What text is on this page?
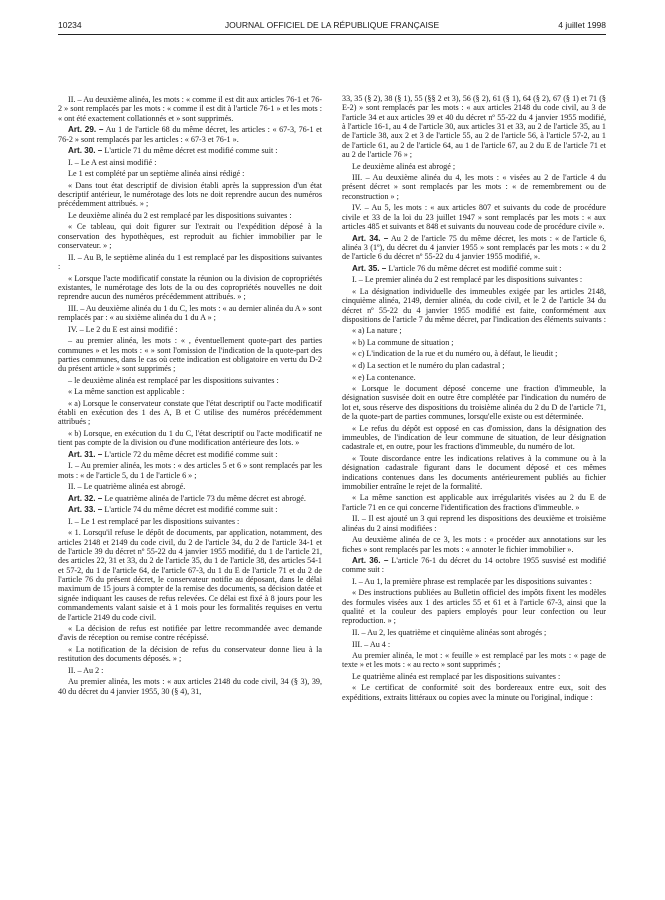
JOURNAL OFFICIEL DE LA RÉPUBLIQUE FRANÇAISE
10234	4 juillet 1998

II. – Au deuxième alinéa, les mots : « comme il est dit aux articles 76-1 et 76-2 » sont remplacés par les mots : « comme il est dit à l'article 76-1 » et les mots : « ont été exactement collationnés et » sont supprimés.

Art. 29. – Au 1 de l'article 68 du même décret, les articles : « 67-3, 76-1 et 76-2 » sont remplacés par les articles : « 67-3 et 76-1 ».

Art. 30. – L'article 71 du même décret est modifié comme suit :

I. – Le A est ainsi modifié :

Le 1 est complété par un septième alinéa ainsi rédigé :

« Dans tout état descriptif de division établi après la suppression d'un état descriptif antérieur, le numérotage des lots ne doit reprendre aucun des numéros précédemment attribués. » ;

Le deuxième alinéa du 2 est remplacé par les dispositions suivantes :

« Ce tableau, qui doit figurer sur l'extrait ou l'expédition déposé à la conservation des hypothèques, est reproduit au fichier immobilier par le conservateur. » ;

II. – Au B, le septième alinéa du 1 est remplacé par les dispositions suivantes :

« Lorsque l'acte modificatif constate la réunion ou la division de copropriétés existantes, le numérotage des lots de la ou des copropriétés nouvelles ne doit reprendre aucun des numéros précédemment attribués. » ;

III. – Au deuxième alinéa du 1 du C, les mots : « au dernier alinéa du A » sont remplacés par : « au sixième alinéa du 1 du A » ;

IV. – Le 2 du E est ainsi modifié :

– au premier alinéa, les mots : « , éventuellement quote-part des parties communes » et les mots : « » sont l'omission de l'indication de la quote-part des parties communes, dans le cas où cette indication est obligatoire en vertu du D-2 du présent article » sont supprimés ;

– le deuxième alinéa est remplacé par les dispositions suivantes :

« La même sanction est applicable :

« a) Lorsque le conservateur constate que l'état descriptif ou l'acte modificatif établi en exécution des 1 des A, B et C utilise des numéros précédemment attribués ;

« b) Lorsque, en exécution du 1 du C, l'état descriptif ou l'acte modificatif ne tient pas compte de la division ou d'une modification antérieure des lots. »

Art. 31. – L'article 72 du même décret est modifié comme suit :

I. – Au premier alinéa, les mots : « des articles 5 et 6 » sont remplacés par les mots : « de l'article 5, du 1 de l'article 6 » ;

II. – Le quatrième alinéa est abrogé.

Art. 32. – Le quatrième alinéa de l'article 73 du même décret est abrogé.

Art. 33. – L'article 74 du même décret est modifié comme suit :

I. – Le 1 est remplacé par les dispositions suivantes :

« 1. Lorsqu'il refuse le dépôt de documents, par application, notamment, des articles 2148 et 2149 du code civil, du 2 de l'article 34, du 2 de l'article 34-1 et de l'article 39 du décret nº 55-22 du 4 janvier 1955 modifié, du 1 de l'article 21, des articles 22, 31 et 33, du 2 de l'article 35, du 1 de l'article 38, des articles 54-1 et 57-2, du 1 de l'article 64, de l'article 67-3, du 1 du E de l'article 71 et du 2 de l'article 76 du présent décret, le conservateur notifie au déposant, dans le délai maximum de 15 jours à compter de la remise des documents, sa décision datée et signée indiquant les causes de refus relevées. Ce délai est fixé à 8 jours pour les commandements valant saisie et à 1 mois pour les formalités requises en vertu de l'article 2149 du code civil.

« La décision de refus est notifiée par lettre recommandée avec demande d'avis de réception ou remise contre récépissé.

« La notification de la décision de refus du conservateur donne lieu à la restitution des documents déposés. » ;

II. – Au 2 :

Au premier alinéa, les mots : « aux articles 2148 du code civil, 34 (§ 3), 39, 40 du décret du 4 janvier 1955, 30 (§ 4), 31,

33, 35 (§ 2), 38 (§ 1), 55 (§§ 2 et 3), 56 (§ 2), 61 (§ 1), 64 (§ 2), 67 (§ 1) et 71 (§ E-2) » sont remplacés par les mots : « aux articles 2148 du code civil, au 3 de l'article 34 et aux articles 39 et 40 du décret nº 55-22 du 4 janvier 1955 modifié, à l'article 16-1, au 4 de l'article 30, aux articles 31 et 33, au 2 de l'article 35, au 1 de l'article 38, aux 2 et 3 de l'article 55, au 2 de l'article 56, à l'article 57-2, au 1 de l'article 61, au 2 de l'article 64, au 1 de l'article 67, au 2 du E de l'article 71 et au 2 de l'article 76 » ;

Le deuxième alinéa est abrogé ;

III. – Au deuxième alinéa du 4, les mots : « visées au 2 de l'article 4 du présent décret » sont remplacés par les mots : « de remembrement ou de reconstruction » ;

IV. – Au 5, les mots : « aux articles 807 et suivants du code de procédure civile et 33 de la loi du 23 juillet 1947 » sont remplacés par les mots : « aux articles 485 et suivants et 848 et suivants du nouveau code de procédure civile ».

Art. 34. – Au 2 de l'article 75 du même décret, les mots : « de l'article 6, alinéa 3 (1º), du décret du 4 janvier 1955 » sont remplacés par les mots : « du 2 de l'article 6 du décret nº 55-22 du 4 janvier 1955 modifié, ».

Art. 35. – L'article 76 du même décret est modifié comme suit :

I. – Le premier alinéa du 2 est remplacé par les dispositions suivantes :

« La désignation individuelle des immeubles exigée par les articles 2148, cinquième alinéa, 2149, dernier alinéa, du code civil, et le 2 de l'article 34 du décret nº 55-22 du 4 janvier 1955 modifié est faite, conformément aux dispositions de l'article 7 du même décret, par l'indication des éléments suivants :

« a) La nature ;

« b) La commune de situation ;

« c) L'indication de la rue et du numéro ou, à défaut, le lieudit ;

« d) La section et le numéro du plan cadastral ;

« e) La contenance.

« Lorsque le document déposé concerne une fraction d'immeuble, la désignation susvisée doit en outre être complétée par l'indication du numéro de lot et, sous réserve des dispositions du troisième alinéa du 2 du D de l'article 71, de la quote-part de parties communes, lorsqu'elle existe ou est déterminée.

« Le refus du dépôt est opposé en cas d'omission, dans la désignation des immeubles, de l'indication de leur commune de situation, de leur désignation cadastrale et, en outre, pour les fractions d'immeuble, du numéro de lot.

« Toute discordance entre les indications relatives à la commune ou à la désignation cadastrale figurant dans le document déposé et ces mêmes indications contenues dans les documents antérieurement publiés au fichier immobilier entraîne le rejet de la formalité.

« La même sanction est applicable aux irrégularités visées au 2 du E de l'article 71 en ce qui concerne l'identification des fractions d'immeuble. »

II. – Il est ajouté un 3 qui reprend les dispositions des deuxième et troisième alinéas du 2 ainsi modifiées :

Au deuxième alinéa de ce 3, les mots : « procéder aux annotations sur les fiches » sont remplacés par les mots : « annoter le fichier immobilier ».

Art. 36. – L'article 76-1 du décret du 14 octobre 1955 susvisé est modifié comme suit :

I. – Au 1, la première phrase est remplacée par les dispositions suivantes :

« Des instructions publiées au Bulletin officiel des impôts fixent les modèles des formules visées aux 1 des articles 55 et 61 et à l'article 67-3, ainsi que la qualité et la couleur des papiers employés pour leur confection ou leur reproduction. » ;

II. – Au 2, les quatrième et cinquième alinéas sont abrogés ;

III. – Au 4 :

Au premier alinéa, le mot : « feuille » est remplacé par les mots : « page de texte » et les mots : « au recto » sont supprimés ;

Le quatrième alinéa est remplacé par les dispositions suivantes :

« Le certificat de conformité soit des bordereaux entre eux, soit des expéditions, extraits littéraux ou copies avec la minute ou l'original, indique :
